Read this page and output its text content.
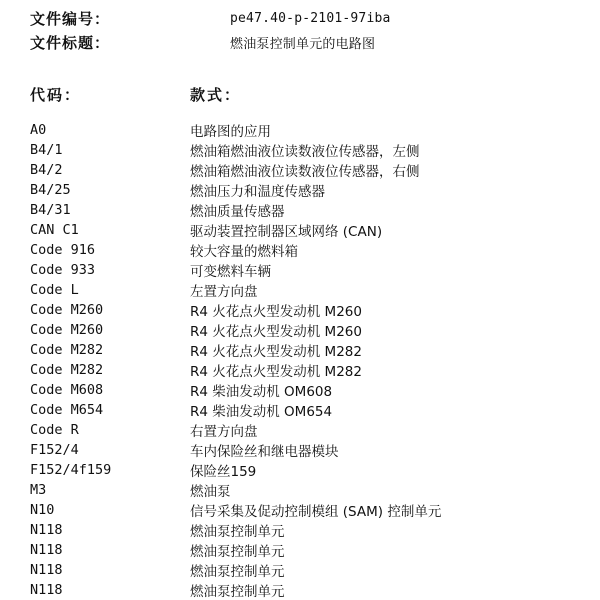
文件编号：	pe47.40-p-2101-97iba
文件标题：	燃油泵控制单元的电路图
代码：	款式：
A0	电路图的应用
B4/1	燃油箱燃油液位读数液位传感器，左侧
B4/2	燃油箱燃油液位读数液位传感器，右侧
B4/25	燃油压力和温度传感器
B4/31	燃油质量传感器
CAN C1	驱动装置控制器区域网络 (CAN)
Code 916	较大容量的燃料箱
Code 933	可变燃料车辆
Code L	左置方向盘
Code M260	R4 火花点火型发动机 M260
Code M260	R4 火花点火型发动机 M260
Code M282	R4 火花点火型发动机 M282
Code M282	R4 火花点火型发动机 M282
Code M608	R4 柴油发动机 OM608
Code M654	R4 柴油发动机 OM654
Code R	右置方向盘
F152/4	车内保险丝和继电器模块
F152/4f159	保险丝159
M3	燃油泵
N10	信号采集及促动控制模组 (SAM) 控制单元
N118	燃油泵控制单元
N118	燃油泵控制单元
N118	燃油泵控制单元
N118	燃油泵控制单元
